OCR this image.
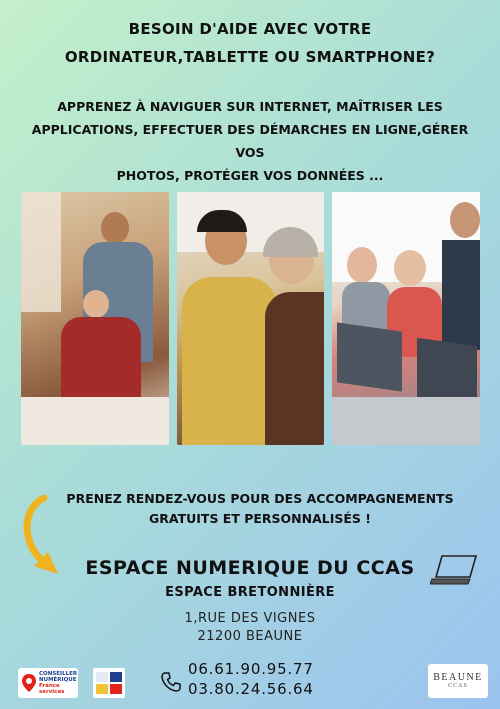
BESOIN D'AIDE AVEC VOTRE
ORDINATEUR,TABLETTE OU SMARTPHONE?
APPRENEZ À NAVIGUER SUR INTERNET, MAÎTRISER LES
APPLICATIONS, EFFECTUER DES DÉMARCHES EN LIGNE,GÉRER VOS
PHOTOS, PROTÉGER VOS DONNÉES ...
PRENEZ RENDEZ-VOUS POUR DES ACCOMPAGNEMENTS
GRATUITS ET PERSONNALISÉS !
ESPACE NUMERIQUE DU CCAS
ESPACE BRETONNIÈRE
1,RUE DES VIGNES
21200 BEAUNE
06.61.90.95.77
03.80.24.56.64
CONSEILLER
NUMÉRIQUE
France
services
BEAUNE
CCAS
